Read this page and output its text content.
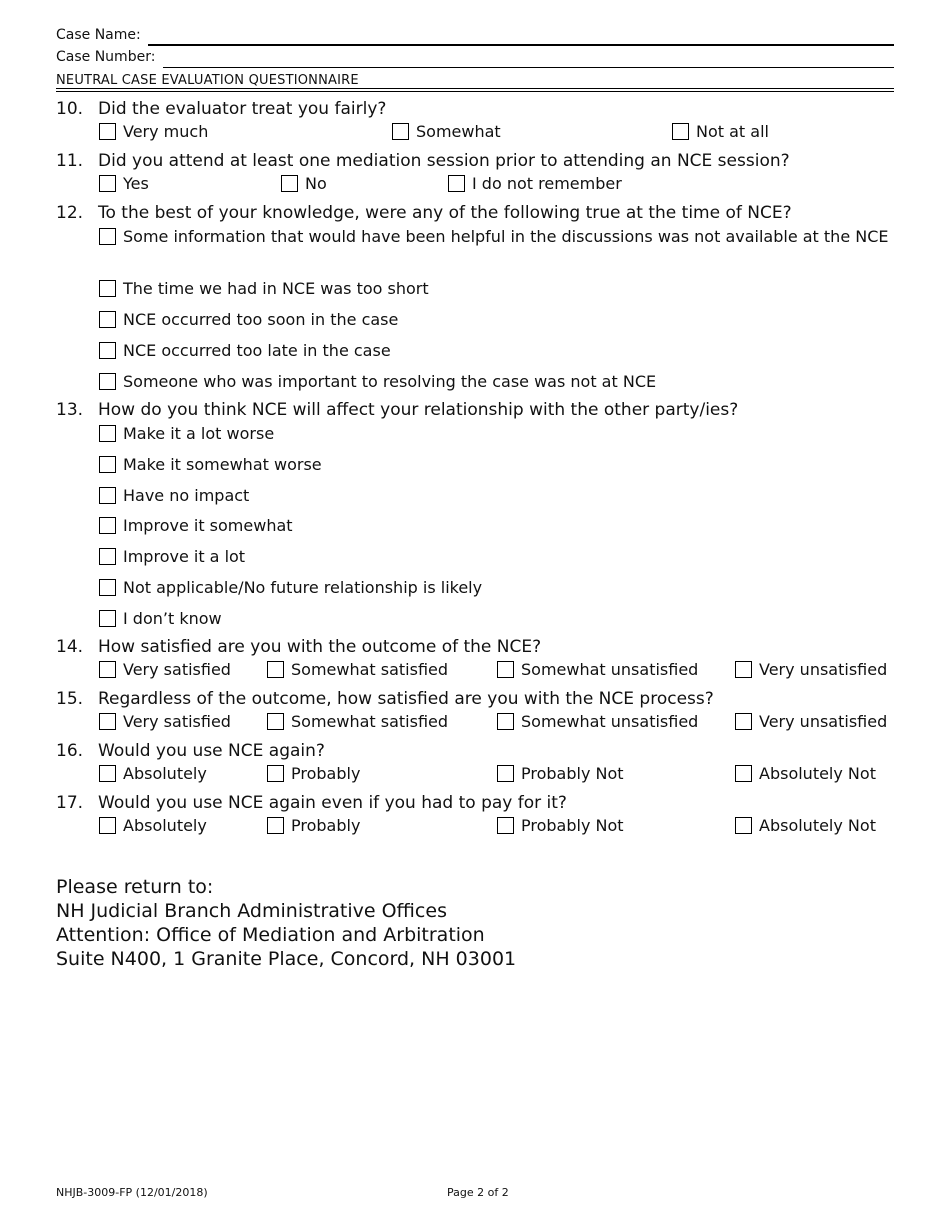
Case Name:
Case Number:
NEUTRAL CASE EVALUATION QUESTIONNAIRE
10. Did the evaluator treat you fairly?
Very much	Somewhat	Not at all
11. Did you attend at least one mediation session prior to attending an NCE session?
Yes	No	I do not remember
12. To the best of your knowledge, were any of the following true at the time of NCE?
Some information that would have been helpful in the discussions was not available at the NCE
The time we had in NCE was too short
NCE occurred too soon in the case
NCE occurred too late in the case
Someone who was important to resolving the case was not at NCE
13. How do you think NCE will affect your relationship with the other party/ies?
Make it a lot worse
Make it somewhat worse
Have no impact
Improve it somewhat
Improve it a lot
Not applicable/No future relationship is likely
I don’t know
14. How satisfied are you with the outcome of the NCE?
Very satisfied	Somewhat satisfied	Somewhat unsatisfied	Very unsatisfied
15. Regardless of the outcome, how satisfied are you with the NCE process?
Very satisfied	Somewhat satisfied	Somewhat unsatisfied	Very unsatisfied
16. Would you use NCE again?
Absolutely	Probably	Probably Not	Absolutely Not
17. Would you use NCE again even if you had to pay for it?
Absolutely	Probably	Probably Not	Absolutely Not
Please return to:
NH Judicial Branch Administrative Offices
Attention: Office of Mediation and Arbitration
Suite N400, 1 Granite Place, Concord, NH 03001
NHJB-3009-FP (12/01/2018)	Page 2 of 2
